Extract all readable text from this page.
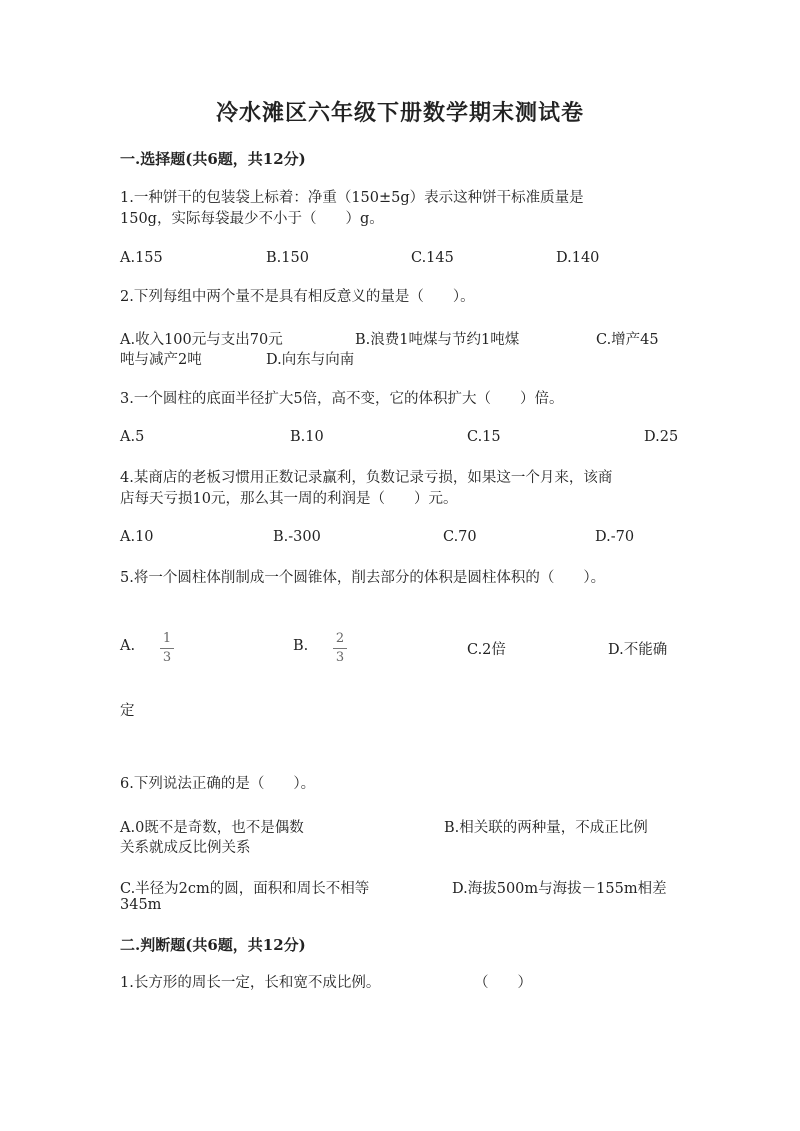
冷水滩区六年级下册数学期末测试卷
一.选择题(共6题，共12分)
1.一种饼干的包装袋上标着：净重（150±5g）表示这种饼干标准质量是
150g，实际每袋最少不小于（　　）g。
A.155	B.150	C.145	D.140
2.下列每组中两个量不是具有相反意义的量是（　　）。
A.收入100元与支出70元	B.浪费1吨煤与节约1吨煤	C.增产45
吨与减产2吨	D.向东与向南
3.一个圆柱的底面半径扩大5倍，高不变，它的体积扩大（　　）倍。
A.5	B.10	C.15	D.25
4.某商店的老板习惯用正数记录赢利，负数记录亏损，如果这一个月来，该商
店每天亏损10元，那么其一周的利润是（　　）元。
A.10	B.-300	C.70	D.-70
5.将一个圆柱体削制成一个圆锥体，削去部分的体积是圆柱体积的（　　）。
A. 1
3
B. 2
3	C.2倍	D.不能确
定
6.下列说法正确的是（　　）。
A.0既不是奇数，也不是偶数	B.相关联的两种量，不成正比例
关系就成反比例关系
C.半径为2cm的圆，面积和周长不相等	D.海拔500m与海拔－155m相差
345m
二.判断题(共6题，共12分)
1.长方形的周长一定，长和宽不成比例。	（　　）
